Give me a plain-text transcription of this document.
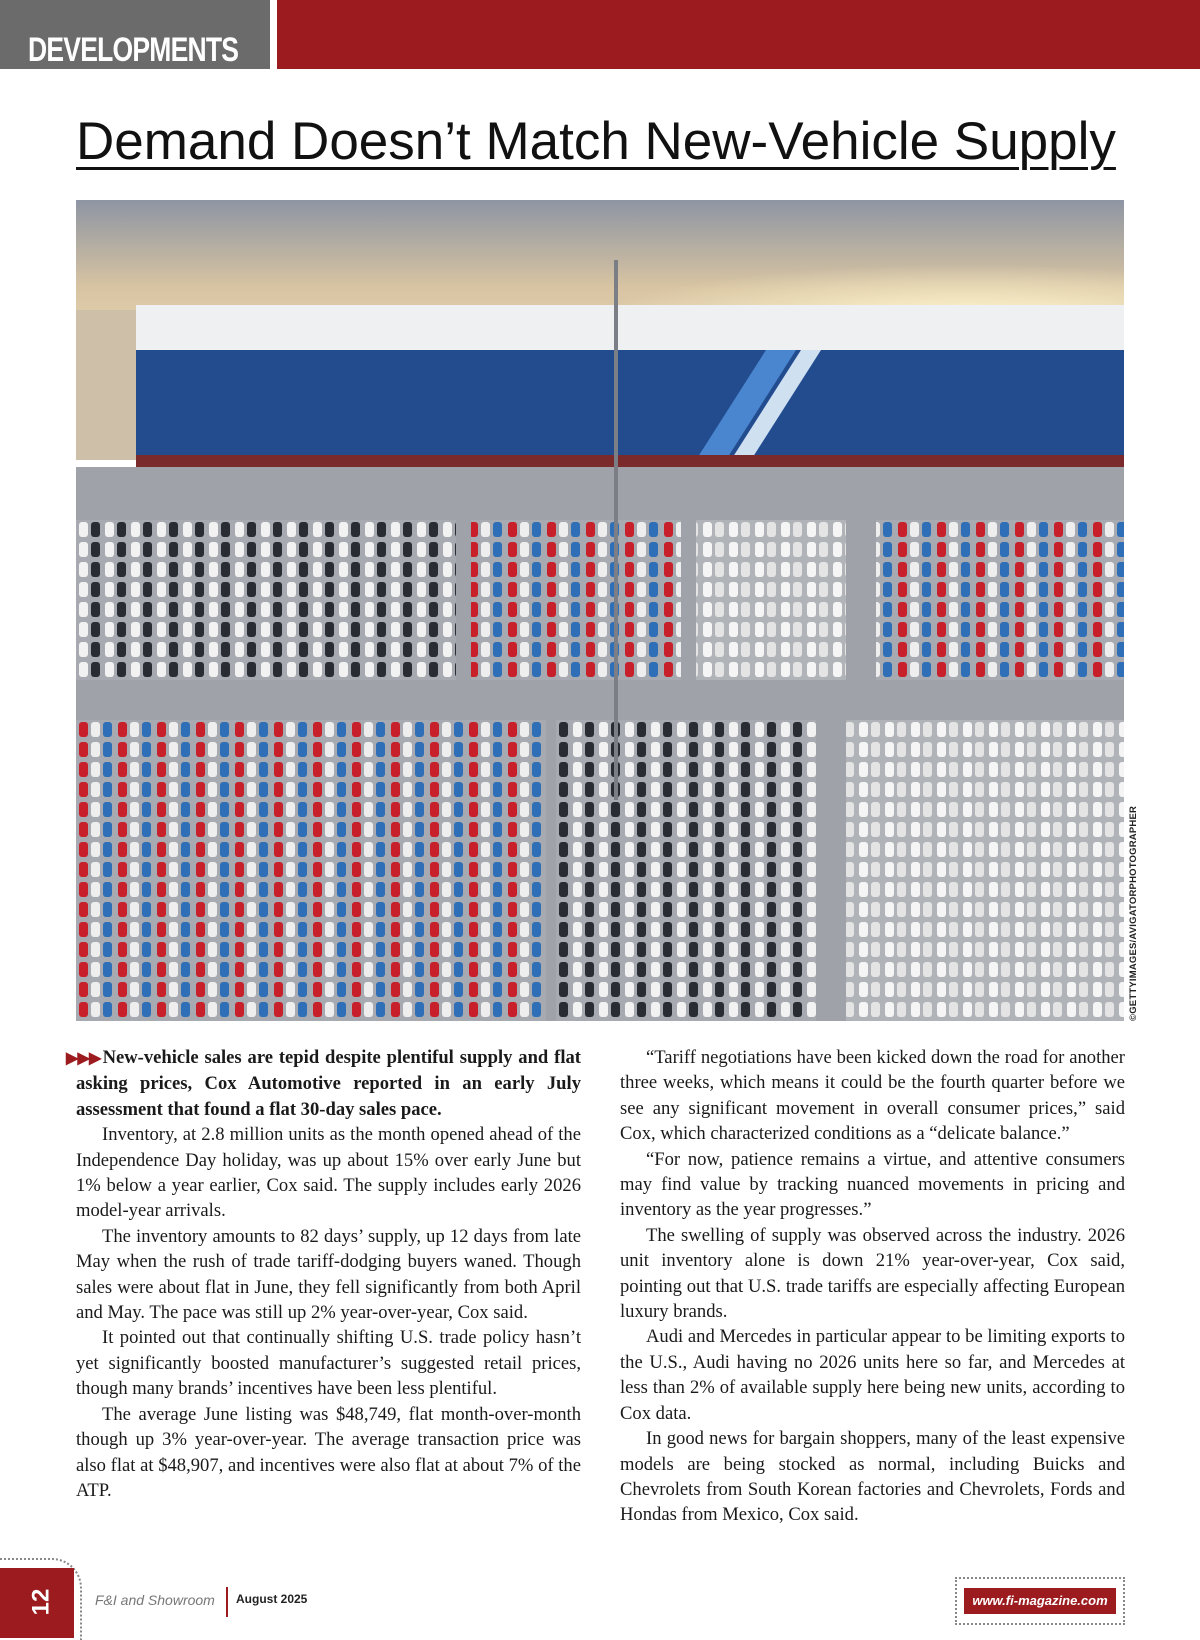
DEVELOPMENTS
Demand Doesn’t Match New-Vehicle Supply
©GETTYIMAGES/AVIGATORPHOTOGRAPHER

▶▶▶ New-vehicle sales are tepid despite plentiful supply and flat asking prices, Cox Automotive reported in an early July assessment that found a flat 30-day sales pace.

Inventory, at 2.8 million units as the month opened ahead of the Independence Day holiday, was up about 15% over early June but 1% below a year earlier, Cox said. The supply includes early 2026 model-year arrivals.

The inventory amounts to 82 days’ supply, up 12 days from late May when the rush of trade tariff-dodging buyers waned. Though sales were about flat in June, they fell significantly from both April and May. The pace was still up 2% year-over-year, Cox said.

It pointed out that continually shifting U.S. trade policy hasn’t yet significantly boosted manufacturer’s suggested retail prices, though many brands’ incentives have been less plentiful.

The average June listing was $48,749, flat month-over-month though up 3% year-over-year. The average transaction price was also flat at $48,907, and incentives were also flat at about 7% of the ATP.

“Tariff negotiations have been kicked down the road for another three weeks, which means it could be the fourth quarter before we see any significant movement in overall consumer prices,” said Cox, which characterized conditions as a “delicate balance.”

“For now, patience remains a virtue, and attentive consumers may find value by tracking nuanced movements in pricing and inventory as the year progresses.”

The swelling of supply was observed across the industry. 2026 unit inventory alone is down 21% year-over-year, Cox said, pointing out that U.S. trade tariffs are especially affecting European luxury brands.

Audi and Mercedes in particular appear to be limiting exports to the U.S., Audi having no 2026 units here so far, and Mercedes at less than 2% of available supply here being new units, according to Cox data.

In good news for bargain shoppers, many of the least expensive models are being stocked as normal, including Buicks and Chevrolets from South Korean factories and Chevrolets, Fords and Hondas from Mexico, Cox said.

12	F&I and Showroom August 2025	www.fi-magazine.com
